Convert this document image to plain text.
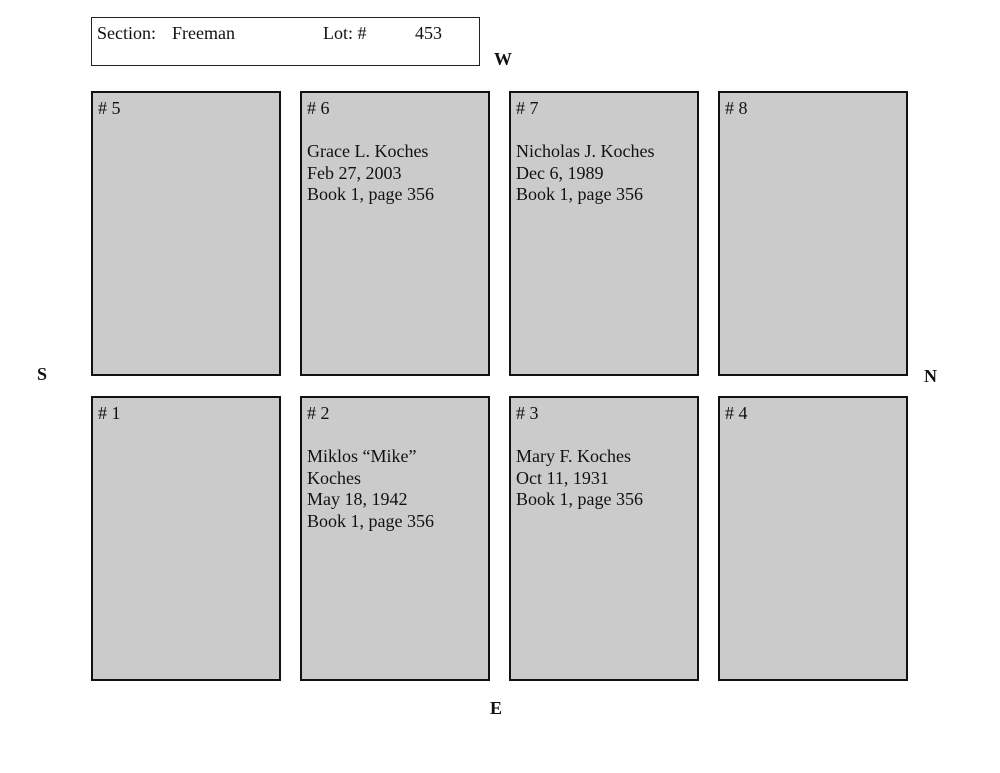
Section: Freeman	Lot: #	453
W
S	N
E
# 5	# 6
Grace L. Koches
Feb 27, 2003
Book 1, page 356
# 7
Nicholas J. Koches
Dec 6, 1989
Book 1, page 356
# 8
# 1	# 2
Miklos “Mike”
Koches
May 18, 1942
Book 1, page 356
# 3
Mary F. Koches
Oct 11, 1931
Book 1, page 356
# 4
